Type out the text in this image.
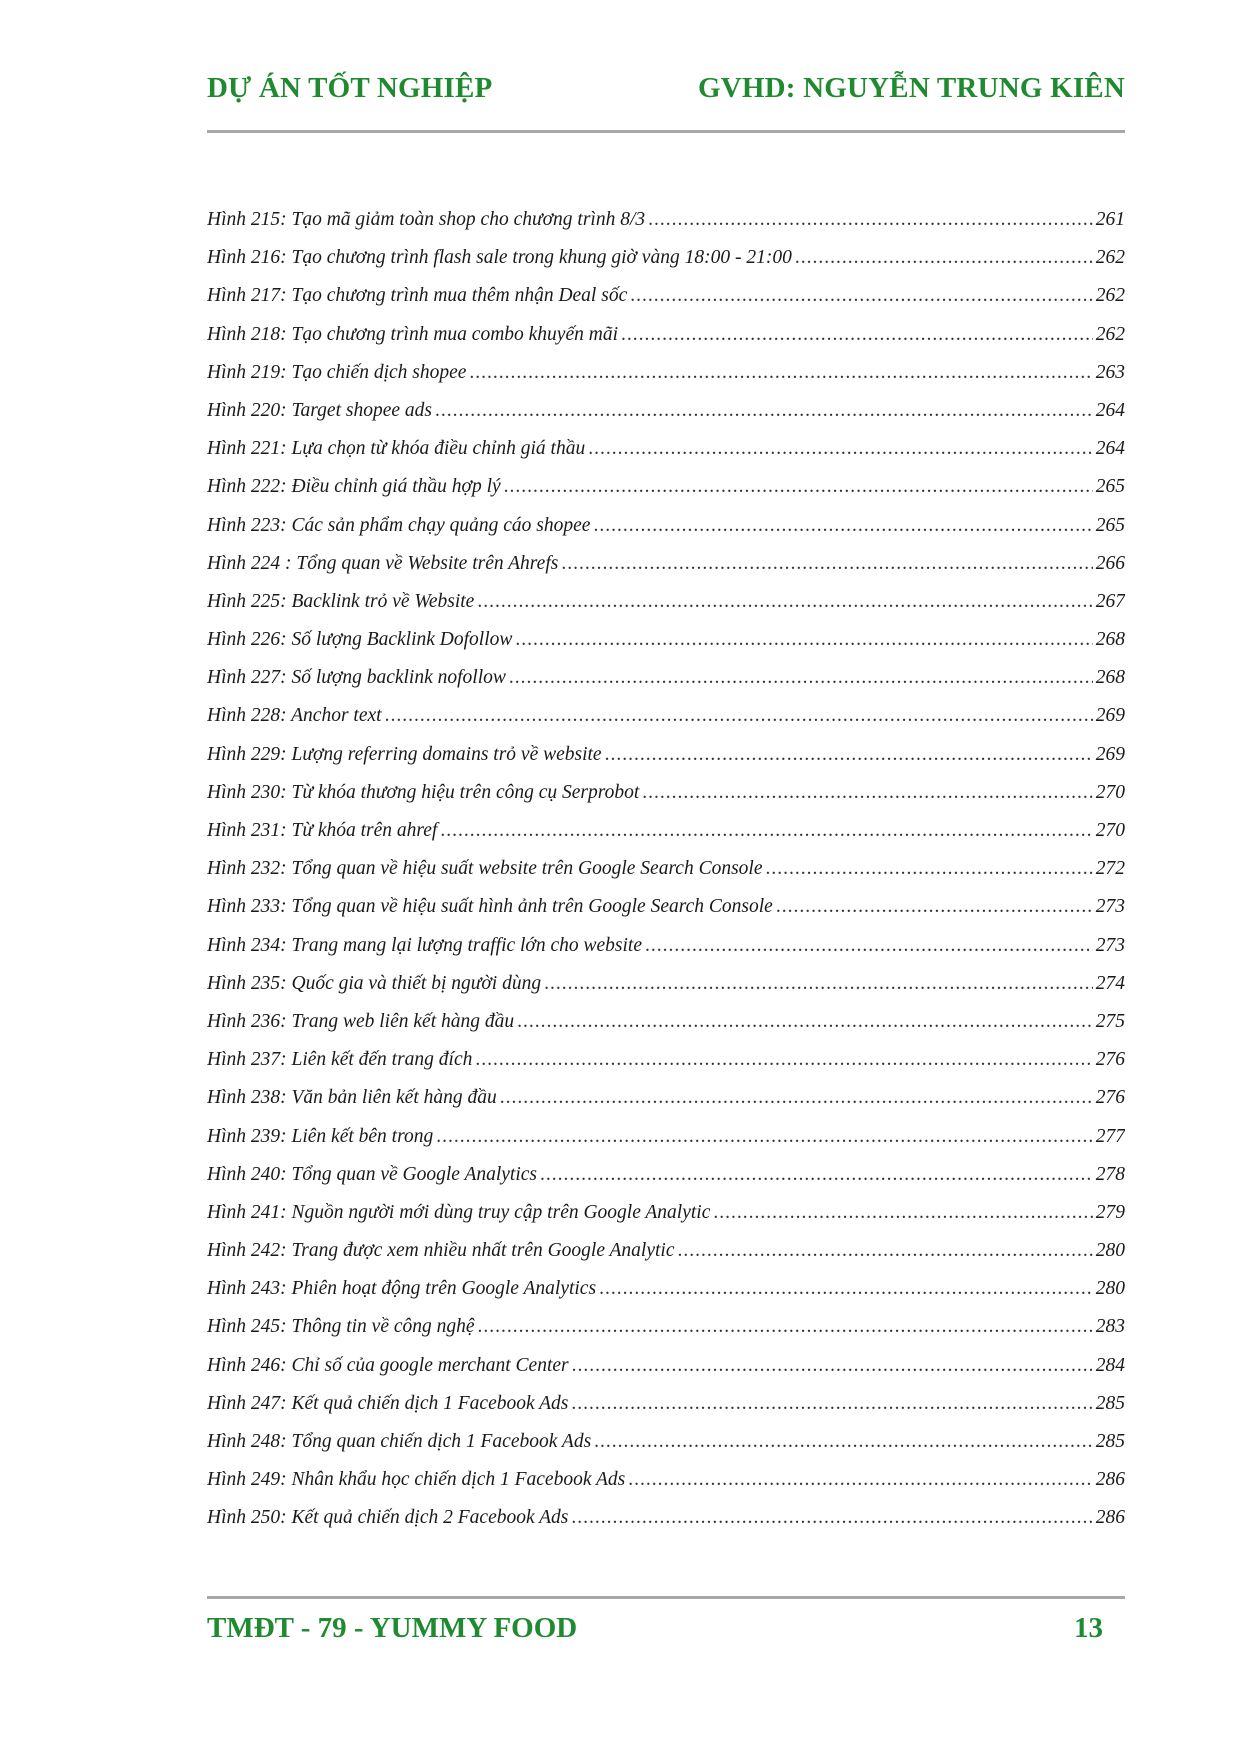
DỰ ÁN TỐT NGHIỆP	GVHD: NGUYỄN TRUNG KIÊN
Hình 215: Tạo mã giảm toàn shop cho chương trình 8/3 .....	261
Hình 216: Tạo chương trình flash sale trong khung giờ vàng 18:00 - 21:00 .....	262
Hình 217: Tạo chương trình mua thêm nhận Deal sốc .....	262
Hình 218: Tạo chương trình mua combo khuyến mãi .....	262
Hình 219: Tạo chiến dịch shopee .....	263
Hình 220: Target shopee ads .....	264
Hình 221: Lựa chọn từ khóa điều chỉnh giá thầu .....	264
Hình 222: Điều chỉnh giá thầu hợp lý .....	265
Hình 223: Các sản phẩm chạy quảng cáo shopee .....	265
Hình 224 : Tổng quan về Website trên Ahrefs .....	266
Hình 225: Backlink trỏ về Website .....	267
Hình 226: Số lượng Backlink Dofollow .....	268
Hình 227: Số lượng backlink nofollow .....	268
Hình 228: Anchor text .....	269
Hình 229: Lượng referring domains trỏ về website .....	269
Hình 230: Từ khóa thương hiệu trên công cụ Serprobot .....	270
Hình 231: Từ khóa trên ahref .....	270
Hình 232: Tổng quan về hiệu suất website trên Google Search Console .....	272
Hình 233: Tổng quan về hiệu suất hình ảnh trên Google Search Console .....	273
Hình 234: Trang mang lại lượng traffic lớn cho website .....	273
Hình 235: Quốc gia và thiết bị người dùng .....	274
Hình 236: Trang web liên kết hàng đầu .....	275
Hình 237: Liên kết đến trang đích .....	276
Hình 238: Văn bản liên kết hàng đầu .....	276
Hình 239: Liên kết bên trong .....	277
Hình 240: Tổng quan về Google Analytics .....	278
Hình 241: Nguồn người mới dùng truy cập trên Google Analytic .....	279
Hình 242: Trang được xem nhiều nhất trên Google Analytic .....	280
Hình 243: Phiên hoạt động trên Google Analytics .....	280
Hình 245: Thông tin về công nghệ .....	283
Hình 246: Chỉ số của google merchant Center .....	284
Hình 247: Kết quả chiến dịch 1 Facebook Ads .....	285
Hình 248: Tổng quan chiến dịch 1 Facebook Ads .....	285
Hình 249: Nhân khẩu học chiến dịch 1 Facebook Ads .....	286
Hình 250: Kết quả chiến dịch 2 Facebook Ads .....	286
TMĐT - 79 - YUMMY FOOD	13
